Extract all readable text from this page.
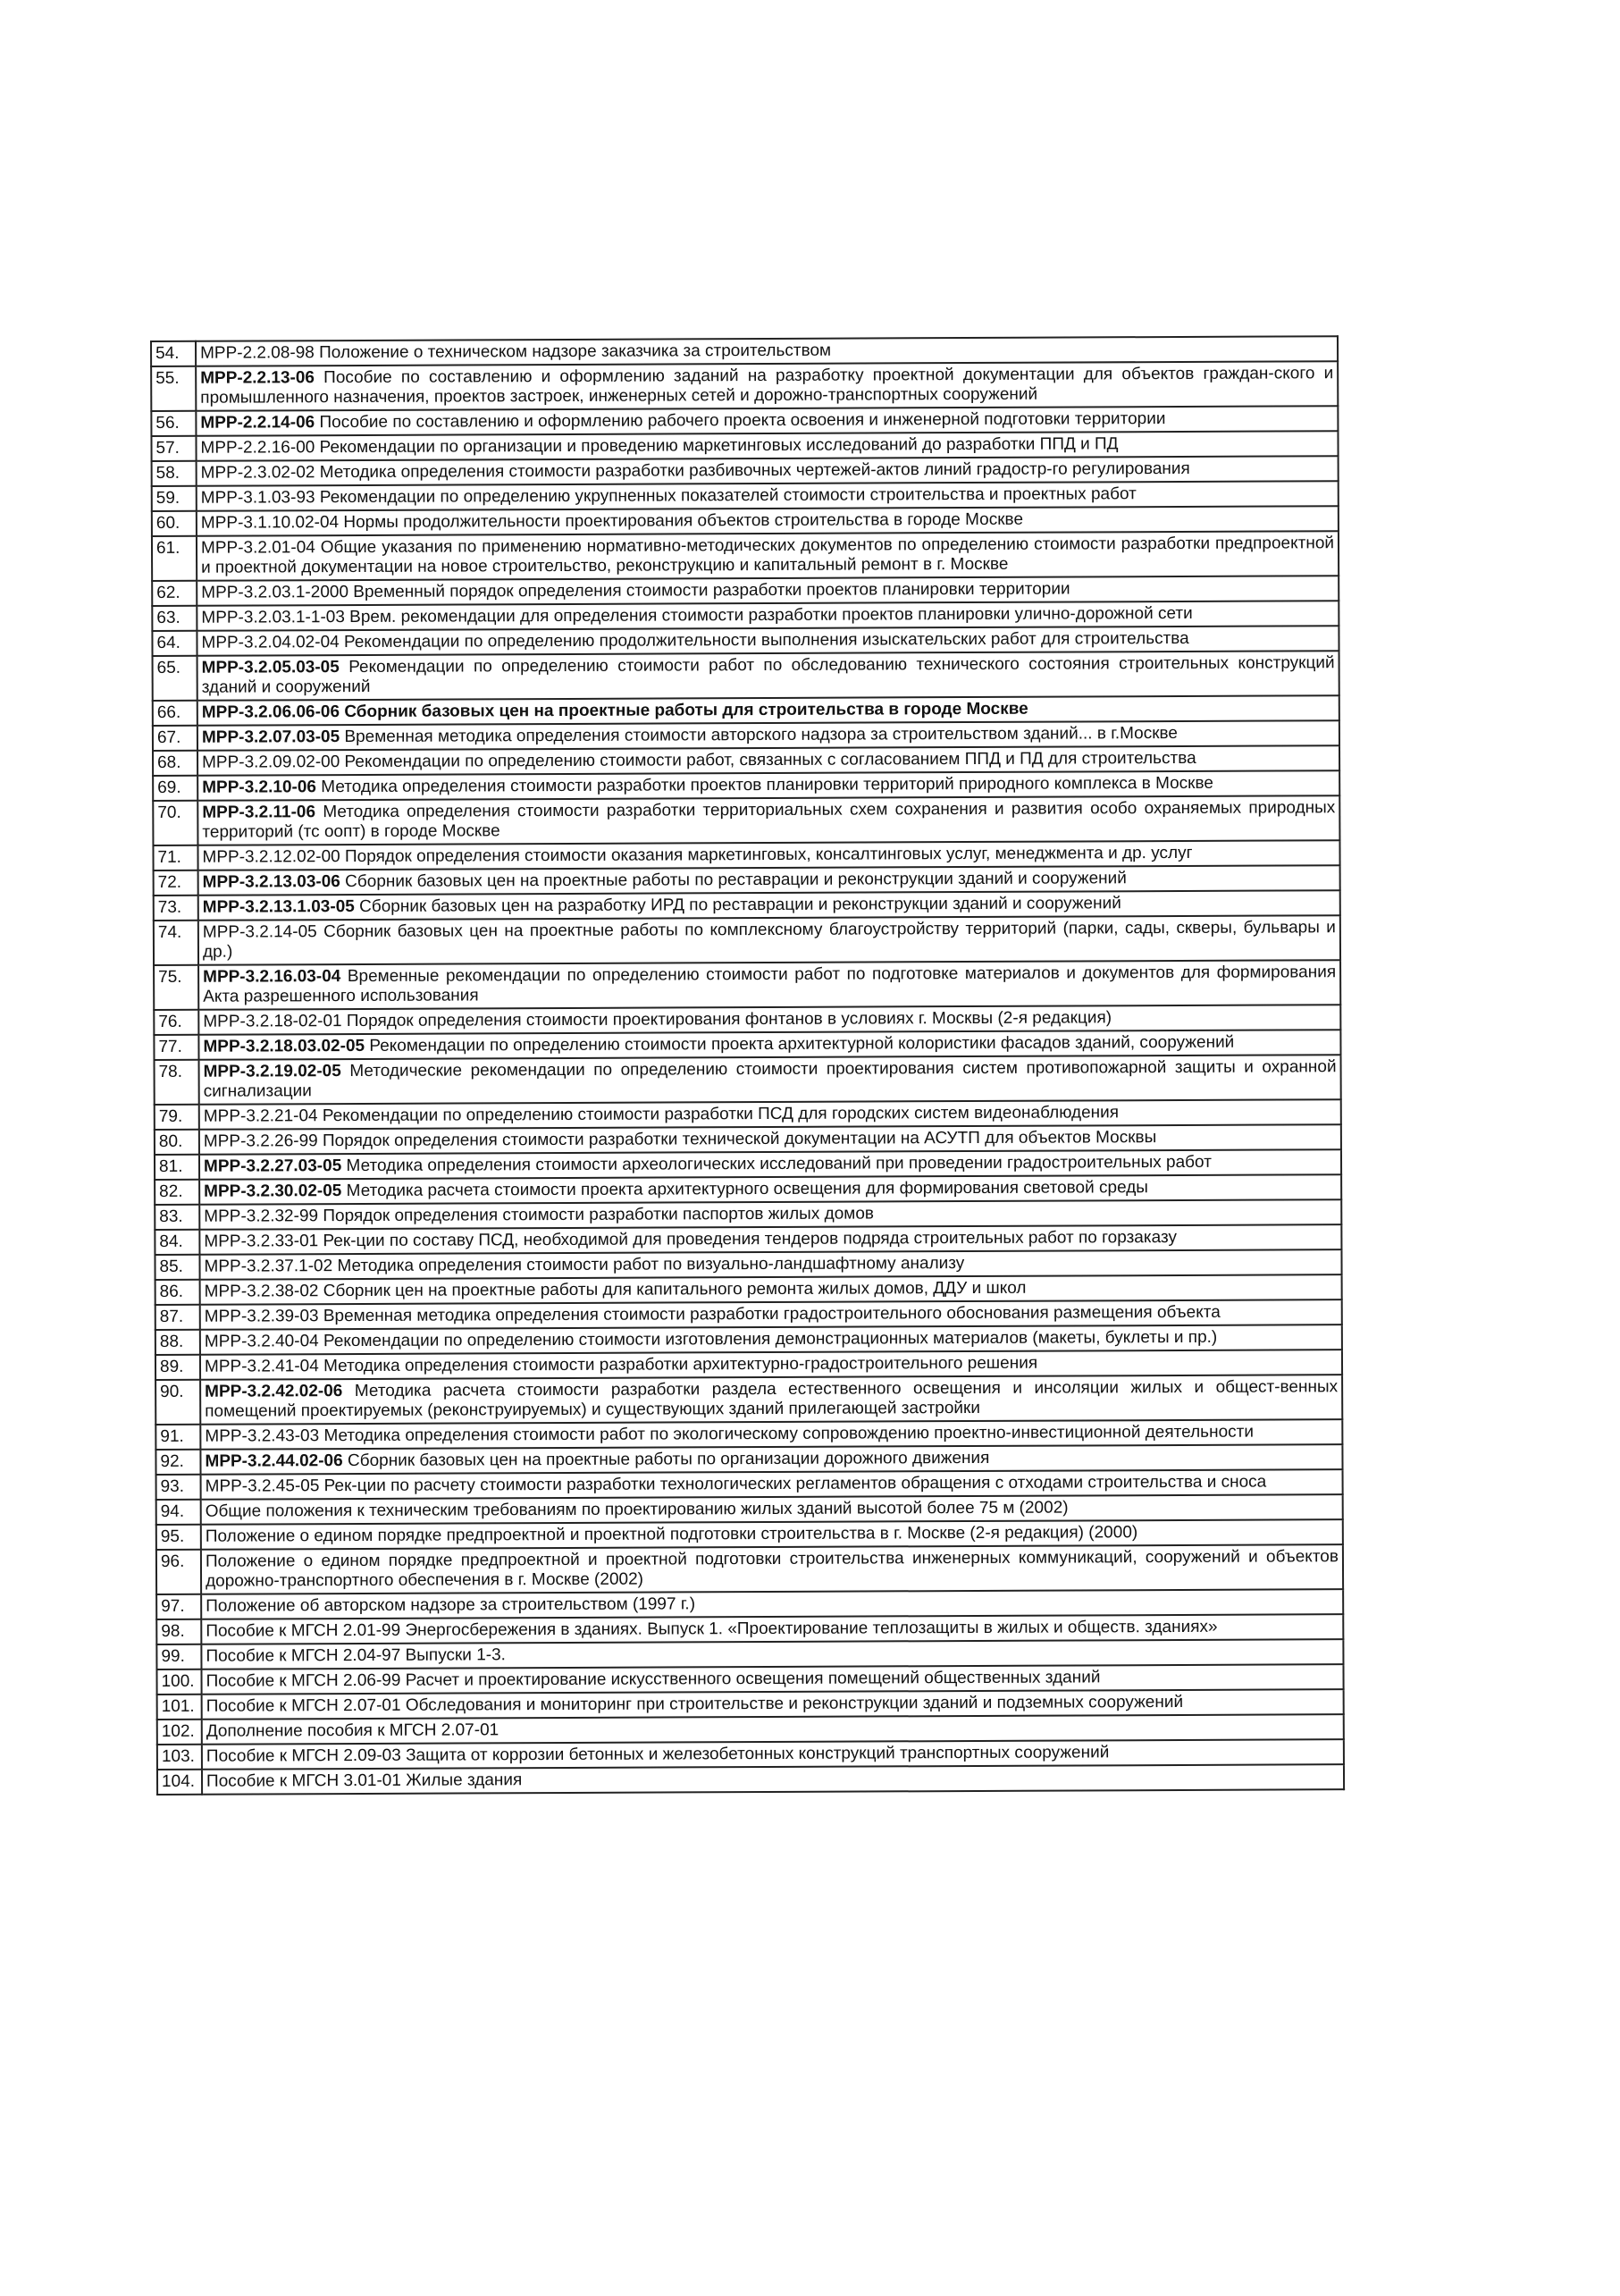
54.	МРР-2.2.08-98 Положение о техническом надзоре заказчика за строительством
55.	МРР-2.2.13-06 Пособие по составлению и оформлению заданий на разработку проектной документации для объектов граждан-ского и промышленного назначения, проектов застроек, инженерных сетей и дорожно-транспортных сооружений
56.	МРР-2.2.14-06 Пособие по составлению и оформлению рабочего проекта освоения и инженерной подготовки территории
57.	МРР-2.2.16-00 Рекомендации по организации и проведению маркетинговых исследований до разработки ППД и ПД
58.	МРР-2.3.02-02 Методика определения стоимости разработки разбивочных чертежей-актов линий градостр-го регулирования
59.	МРР-3.1.03-93 Рекомендации по определению укрупненных показателей стоимости строительства и проектных работ
60.	МРР-3.1.10.02-04 Нормы продолжительности проектирования объектов строительства в городе Москве
61.	МРР-3.2.01-04 Общие указания по применению нормативно-методических документов по определению стоимости разработки предпроектной и проектной документации на новое строительство, реконструкцию и капитальный ремонт в г. Москве
62.	МРР-3.2.03.1-2000 Временный порядок определения стоимости разработки проектов планировки территории
63.	МРР-3.2.03.1-1-03 Врем. рекомендации для определения стоимости разработки проектов планировки улично-дорожной сети
64.	МРР-3.2.04.02-04 Рекомендации по определению продолжительности выполнения изыскательских работ для строительства
65.	МРР-3.2.05.03-05 Рекомендации по определению стоимости работ по обследованию технического состояния строительных конструкций зданий и сооружений
66.	МРР-3.2.06.06-06 Сборник базовых цен на проектные работы для строительства в городе Москве
67.	МРР-3.2.07.03-05 Временная методика определения стоимости авторского надзора за строительством зданий... в г.Москве
68.	МРР-3.2.09.02-00 Рекомендации по определению стоимости работ, связанных с согласованием ППД и ПД для строительства
69.	МРР-3.2.10-06 Методика определения стоимости разработки проектов планировки территорий природного комплекса в Москве
70.	МРР-3.2.11-06 Методика определения стоимости разработки территориальных схем сохранения и развития особо охраняемых природных территорий (тс оопт) в городе Москве
71.	МРР-3.2.12.02-00 Порядок определения стоимости оказания маркетинговых, консалтинговых услуг, менеджмента и др. услуг
72.	МРР-3.2.13.03-06 Сборник базовых цен на проектные работы по реставрации и реконструкции зданий и сооружений
73.	МРР-3.2.13.1.03-05 Сборник базовых цен на разработку ИРД по реставрации и реконструкции зданий и сооружений
74.	МРР-3.2.14-05 Сборник базовых цен на проектные работы по комплексному благоустройству территорий (парки, сады, скверы, бульвары и др.)
75.	МРР-3.2.16.03-04 Временные рекомендации по определению стоимости работ по подготовке материалов и документов для формирования Акта разрешенного использования
76.	МРР-3.2.18-02-01 Порядок определения стоимости проектирования фонтанов в условиях г. Москвы (2-я редакция)
77.	МРР-3.2.18.03.02-05 Рекомендации по определению стоимости проекта архитектурной колористики фасадов зданий, сооружений
78.	МРР-3.2.19.02-05 Методические рекомендации по определению стоимости проектирования систем противопожарной защиты и охранной сигнализации
79.	МРР-3.2.21-04 Рекомендации по определению стоимости разработки ПСД для городских систем видеонаблюдения
80.	МРР-3.2.26-99 Порядок определения стоимости разработки технической документации на АСУТП для объектов Москвы
81.	МРР-3.2.27.03-05 Методика определения стоимости археологических исследований при проведении градостроительных работ
82.	МРР-3.2.30.02-05 Методика расчета стоимости проекта архитектурного освещения для формирования световой среды
83.	МРР-3.2.32-99 Порядок определения стоимости разработки паспортов жилых домов
84.	МРР-3.2.33-01 Рек-ции по составу ПСД, необходимой для проведения тендеров подряда строительных работ по горзаказу
85.	МРР-3.2.37.1-02 Методика определения стоимости работ по визуально-ландшафтному анализу
86.	МРР-3.2.38-02 Сборник цен на проектные работы для капитального ремонта жилых домов, ДДУ и школ
87.	МРР-3.2.39-03 Временная методика определения стоимости разработки градостроительного обоснования размещения объекта
88.	МРР-3.2.40-04 Рекомендации по определению стоимости изготовления демонстрационных материалов (макеты, буклеты и пр.)
89.	МРР-3.2.41-04 Методика определения стоимости разработки архитектурно-градостроительного решения
90.	МРР-3.2.42.02-06 Методика расчета стоимости разработки раздела естественного освещения и инсоляции жилых и общест-венных помещений проектируемых (реконструируемых) и существующих зданий прилегающей застройки
91.	МРР-3.2.43-03 Методика определения стоимости работ по экологическому сопровождению проектно-инвестиционной деятельности
92.	МРР-3.2.44.02-06 Сборник базовых цен на проектные работы по организации дорожного движения
93.	МРР-3.2.45-05 Рек-ции по расчету стоимости разработки технологических регламентов обращения с отходами строительства и сноса
94.	Общие положения к техническим требованиям по проектированию жилых зданий высотой более 75 м (2002)
95.	Положение о едином порядке предпроектной и проектной подготовки строительства в г. Москве (2-я редакция) (2000)
96.	Положение о едином порядке предпроектной и проектной подготовки строительства инженерных коммуникаций, сооружений и объектов дорожно-транспортного обеспечения в г. Москве (2002)
97.	Положение об авторском надзоре за строительством (1997 г.)
98.	Пособие к МГСН 2.01-99 Энергосбережения в зданиях. Выпуск 1. «Проектирование теплозащиты в жилых и обществ. зданиях»
99.	Пособие к МГСН 2.04-97 Выпуски 1-3.
100.	Пособие к МГСН 2.06-99 Расчет и проектирование искусственного освещения помещений общественных зданий
101.	Пособие к МГСН 2.07-01 Обследования и мониторинг при строительстве и реконструкции зданий и подземных сооружений
102.	Дополнение пособия к МГСН 2.07-01
103.	Пособие к МГСН 2.09-03 Защита от коррозии бетонных и железобетонных конструкций транспортных сооружений
104.	Пособие к МГСН 3.01-01 Жилые здания
